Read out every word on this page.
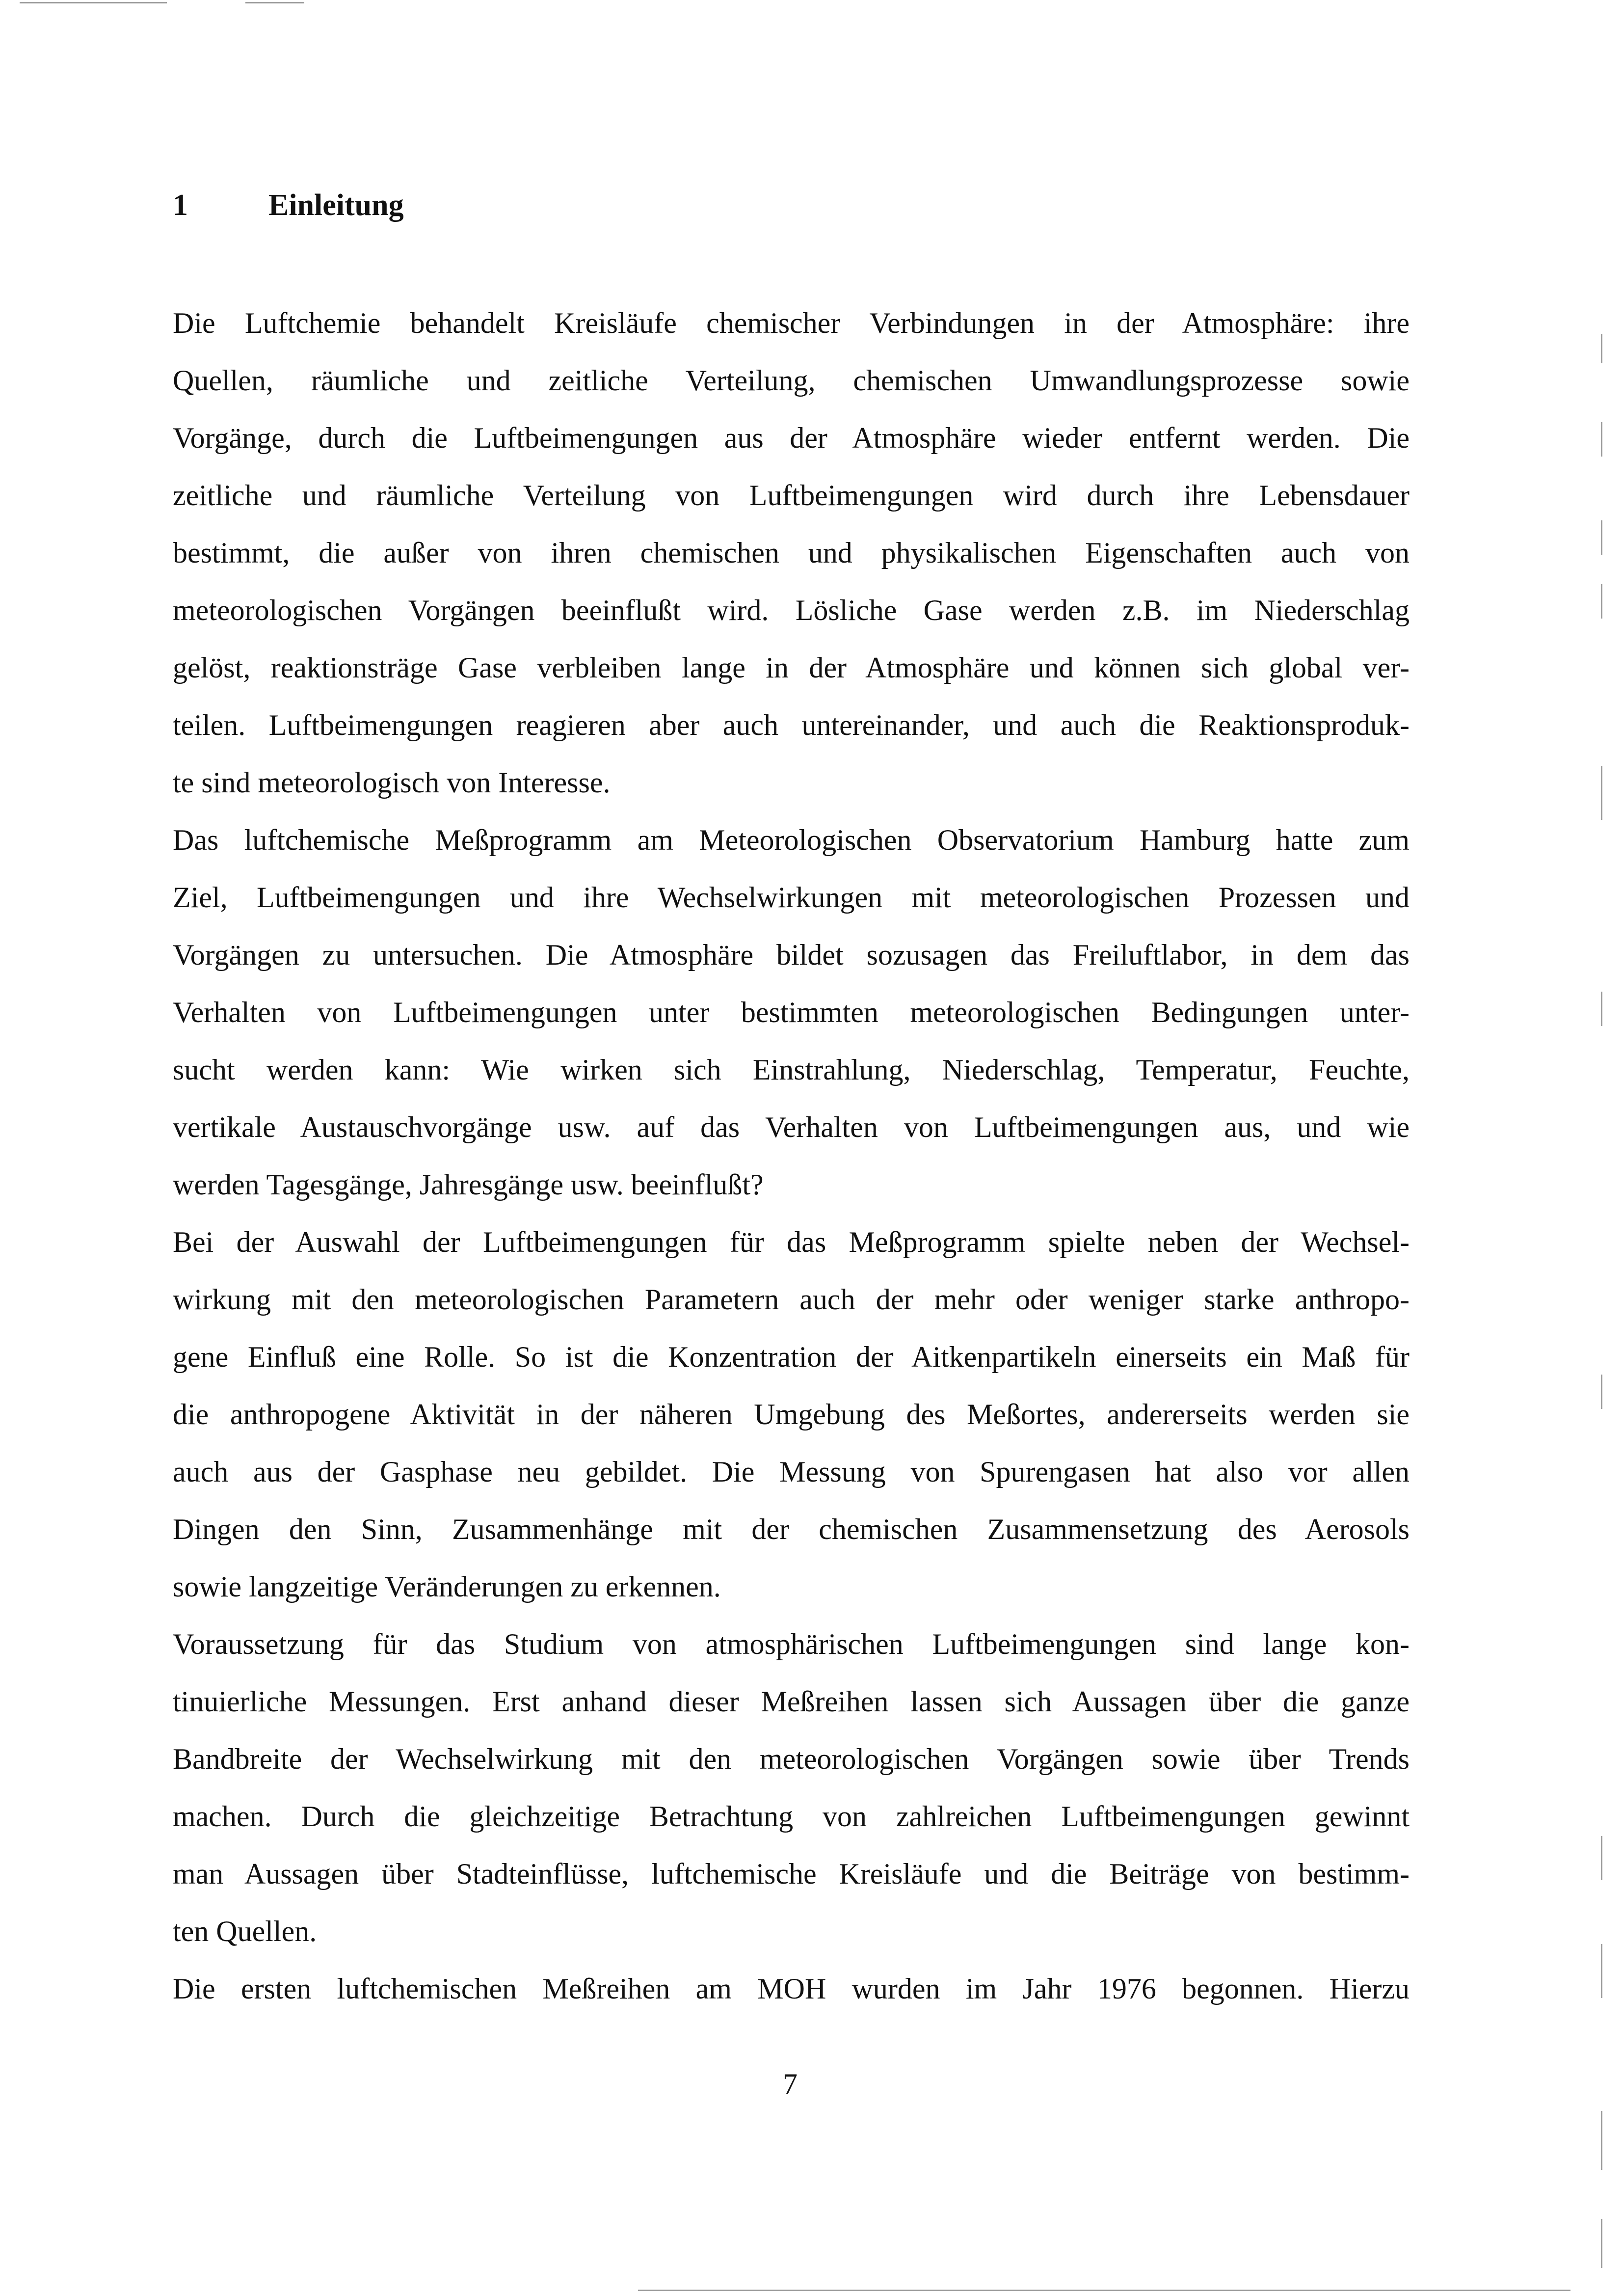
1	Einleitung
Die Luftchemie behandelt Kreisläufe chemischer Verbindungen in der Atmosphäre: ihre
Quellen, räumliche und zeitliche Verteilung, chemischen Umwandlungsprozesse sowie
Vorgänge, durch die Luftbeimengungen aus der Atmosphäre wieder entfernt werden. Die
zeitliche und räumliche Verteilung von Luftbeimengungen wird durch ihre Lebensdauer
bestimmt, die außer von ihren chemischen und physikalischen Eigenschaften auch von
meteorologischen Vorgängen beeinflußt wird. Lösliche Gase werden z.B. im Niederschlag
gelöst, reaktionsträge Gase verbleiben lange in der Atmosphäre und können sich global ver-
teilen. Luftbeimengungen reagieren aber auch untereinander, und auch die Reaktionsproduk-
te sind meteorologisch von Interesse.
Das luftchemische Meßprogramm am Meteorologischen Observatorium Hamburg hatte zum
Ziel, Luftbeimengungen und ihre Wechselwirkungen mit meteorologischen Prozessen und
Vorgängen zu untersuchen. Die Atmosphäre bildet sozusagen das Freiluftlabor, in dem das
Verhalten von Luftbeimengungen unter bestimmten meteorologischen Bedingungen unter-
sucht werden kann: Wie wirken sich Einstrahlung, Niederschlag, Temperatur, Feuchte,
vertikale Austauschvorgänge usw. auf das Verhalten von Luftbeimengungen aus, und wie
werden Tagesgänge, Jahresgänge usw. beeinflußt?
Bei der Auswahl der Luftbeimengungen für das Meßprogramm spielte neben der Wechsel-
wirkung mit den meteorologischen Parametern auch der mehr oder weniger starke anthropo-
gene Einfluß eine Rolle. So ist die Konzentration der Aitkenpartikeln einerseits ein Maß für
die anthropogene Aktivität in der näheren Umgebung des Meßortes, andererseits werden sie
auch aus der Gasphase neu gebildet. Die Messung von Spurengasen hat also vor allen
Dingen den Sinn, Zusammenhänge mit der chemischen Zusammensetzung des Aerosols
sowie langzeitige Veränderungen zu erkennen.
Voraussetzung für das Studium von atmosphärischen Luftbeimengungen sind lange kon-
tinuierliche Messungen. Erst anhand dieser Meßreihen lassen sich Aussagen über die ganze
Bandbreite der Wechselwirkung mit den meteorologischen Vorgängen sowie über Trends
machen. Durch die gleichzeitige Betrachtung von zahlreichen Luftbeimengungen gewinnt
man Aussagen über Stadteinflüsse, luftchemische Kreisläufe und die Beiträge von bestimm-
ten Quellen.
Die ersten luftchemischen Meßreihen am MOH wurden im Jahr 1976 begonnen. Hierzu
7
